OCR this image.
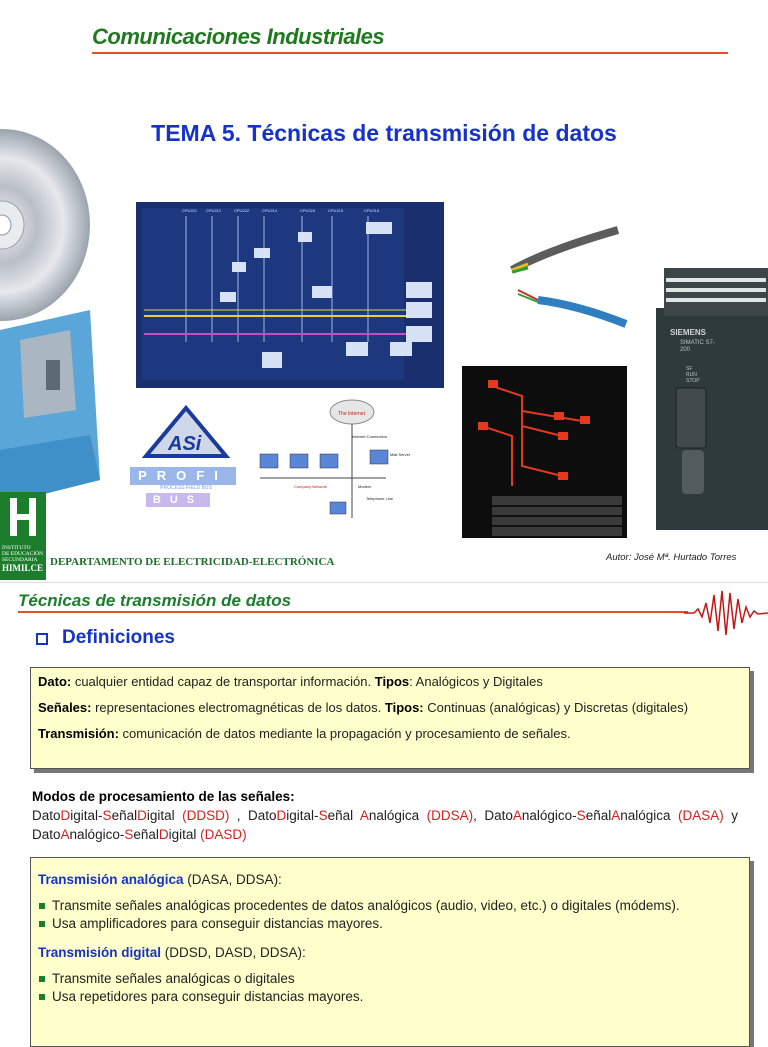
Comunicaciones Industriales
INSTITUTO
DE EDUCACIÓN
SECUNDARIA
HIMILCE
TEMA 5. Técnicas de transmisión de datos
CPU221 CPU212	CPU222	CPU214	CPU224	CPU215	CPU216
ASi
PROFI
PROCESS FIELD BUS
BUS
The Internet
Internet Connection
Company Network
Mail Server
Modem
Telephone Line
SIEMENS
SIMATIC S7-200
SF
RUN
STOP
DEPARTAMENTO DE ELECTRICIDAD-ELECTRÓNICA	Autor: José Mª. Hurtado Torres
Técnicas de transmisión de datos
Definiciones

Dato: cualquier entidad capaz de transportar información. Tipos: Analógicos y Digitales

Señales: representaciones electromagnéticas de los datos. Tipos: Continuas (analógicas) y Discretas (digitales)

Transmisión: comunicación de datos mediante la propagación y procesamiento de señales.

Modos de procesamiento de las señales:
DatoDigital-SeñalDigital (DDSD) , DatoDigital-Señal Analógica (DDSA), DatoAnalógico-SeñalAnalógica (DASA) y DatoAnalógico-SeñalDigital (DASD)
Transmisión analógica (DASA, DDSA):
Transmite señales analógicas procedentes de datos analógicos (audio, video, etc.) o digitales (módems).
Usa amplificadores para conseguir distancias mayores.
Transmisión digital (DDSD, DASD, DDSA):
Transmite señales analógicas o digitales
Usa repetidores para conseguir distancias mayores.
